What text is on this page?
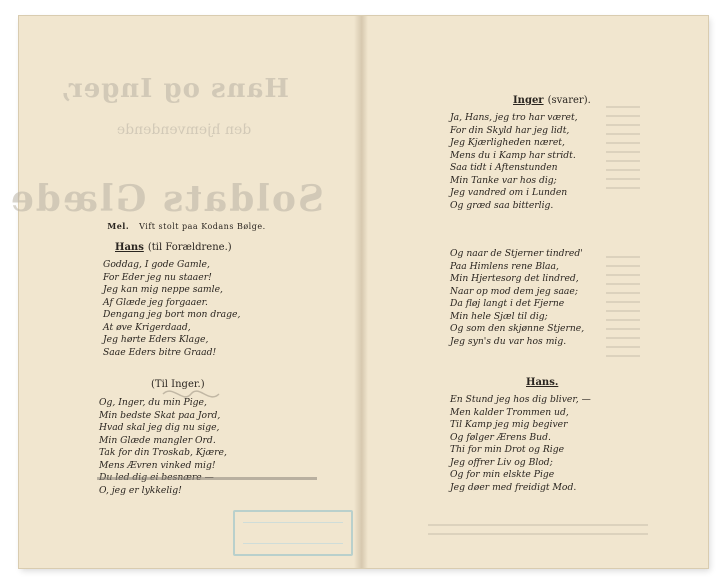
Hans og Inger,
den hjemvendende
Soldats Glæde
Mel. Vift stolt paa Kodans Bølge.
Hans (til Forældrene.)
Goddag, I gode Gamle,
For Eder jeg nu staaer!
Jeg kan mig neppe samle,
Af Glæde jeg forgaaer.
Dengang jeg bort mon drage,
At øve Krigerdaad,
Jeg hørte Eders Klage,
Saae Eders bitre Graad!
(Til Inger.)
Og, Inger, du min Pige,
Min bedste Skat paa Jord,
Hvad skal jeg dig nu sige,
Min Glæde mangler Ord.
Tak for din Troskab, Kjære,
Mens Ævren vinked mig!
O, jeg er lykkelig!
Inger (svarer).
Ja, Hans, jeg tro har været,
For din Skyld har jeg lidt,
Jeg Kjærligheden næret,
Mens du i Kamp har stridt.
Saa tidt i Aftenstunden
Min Tanke var hos dig;
Jeg vandred om i Lunden
Og græd saa bitterlig.
Og naar de Stjerner tindred'
Paa Himlens rene Blaa,
Min Hjertesorg det lindred,
Naar op mod dem jeg saae;
Da fløj langt i det Fjerne
Min hele Sjæl til dig;
Og som den skjønne Stjerne,
Jeg syn's du var hos mig.
Hans.
En Stund jeg hos dig bliver, —
Men kalder Trommen ud,
Til Kamp jeg mig begiver
Og følger Ærens Bud.
Thi for min Drot og Rige
Jeg offrer Liv og Blod;
Og for min elskte Pige
Jeg døer med freidigt Mod.
